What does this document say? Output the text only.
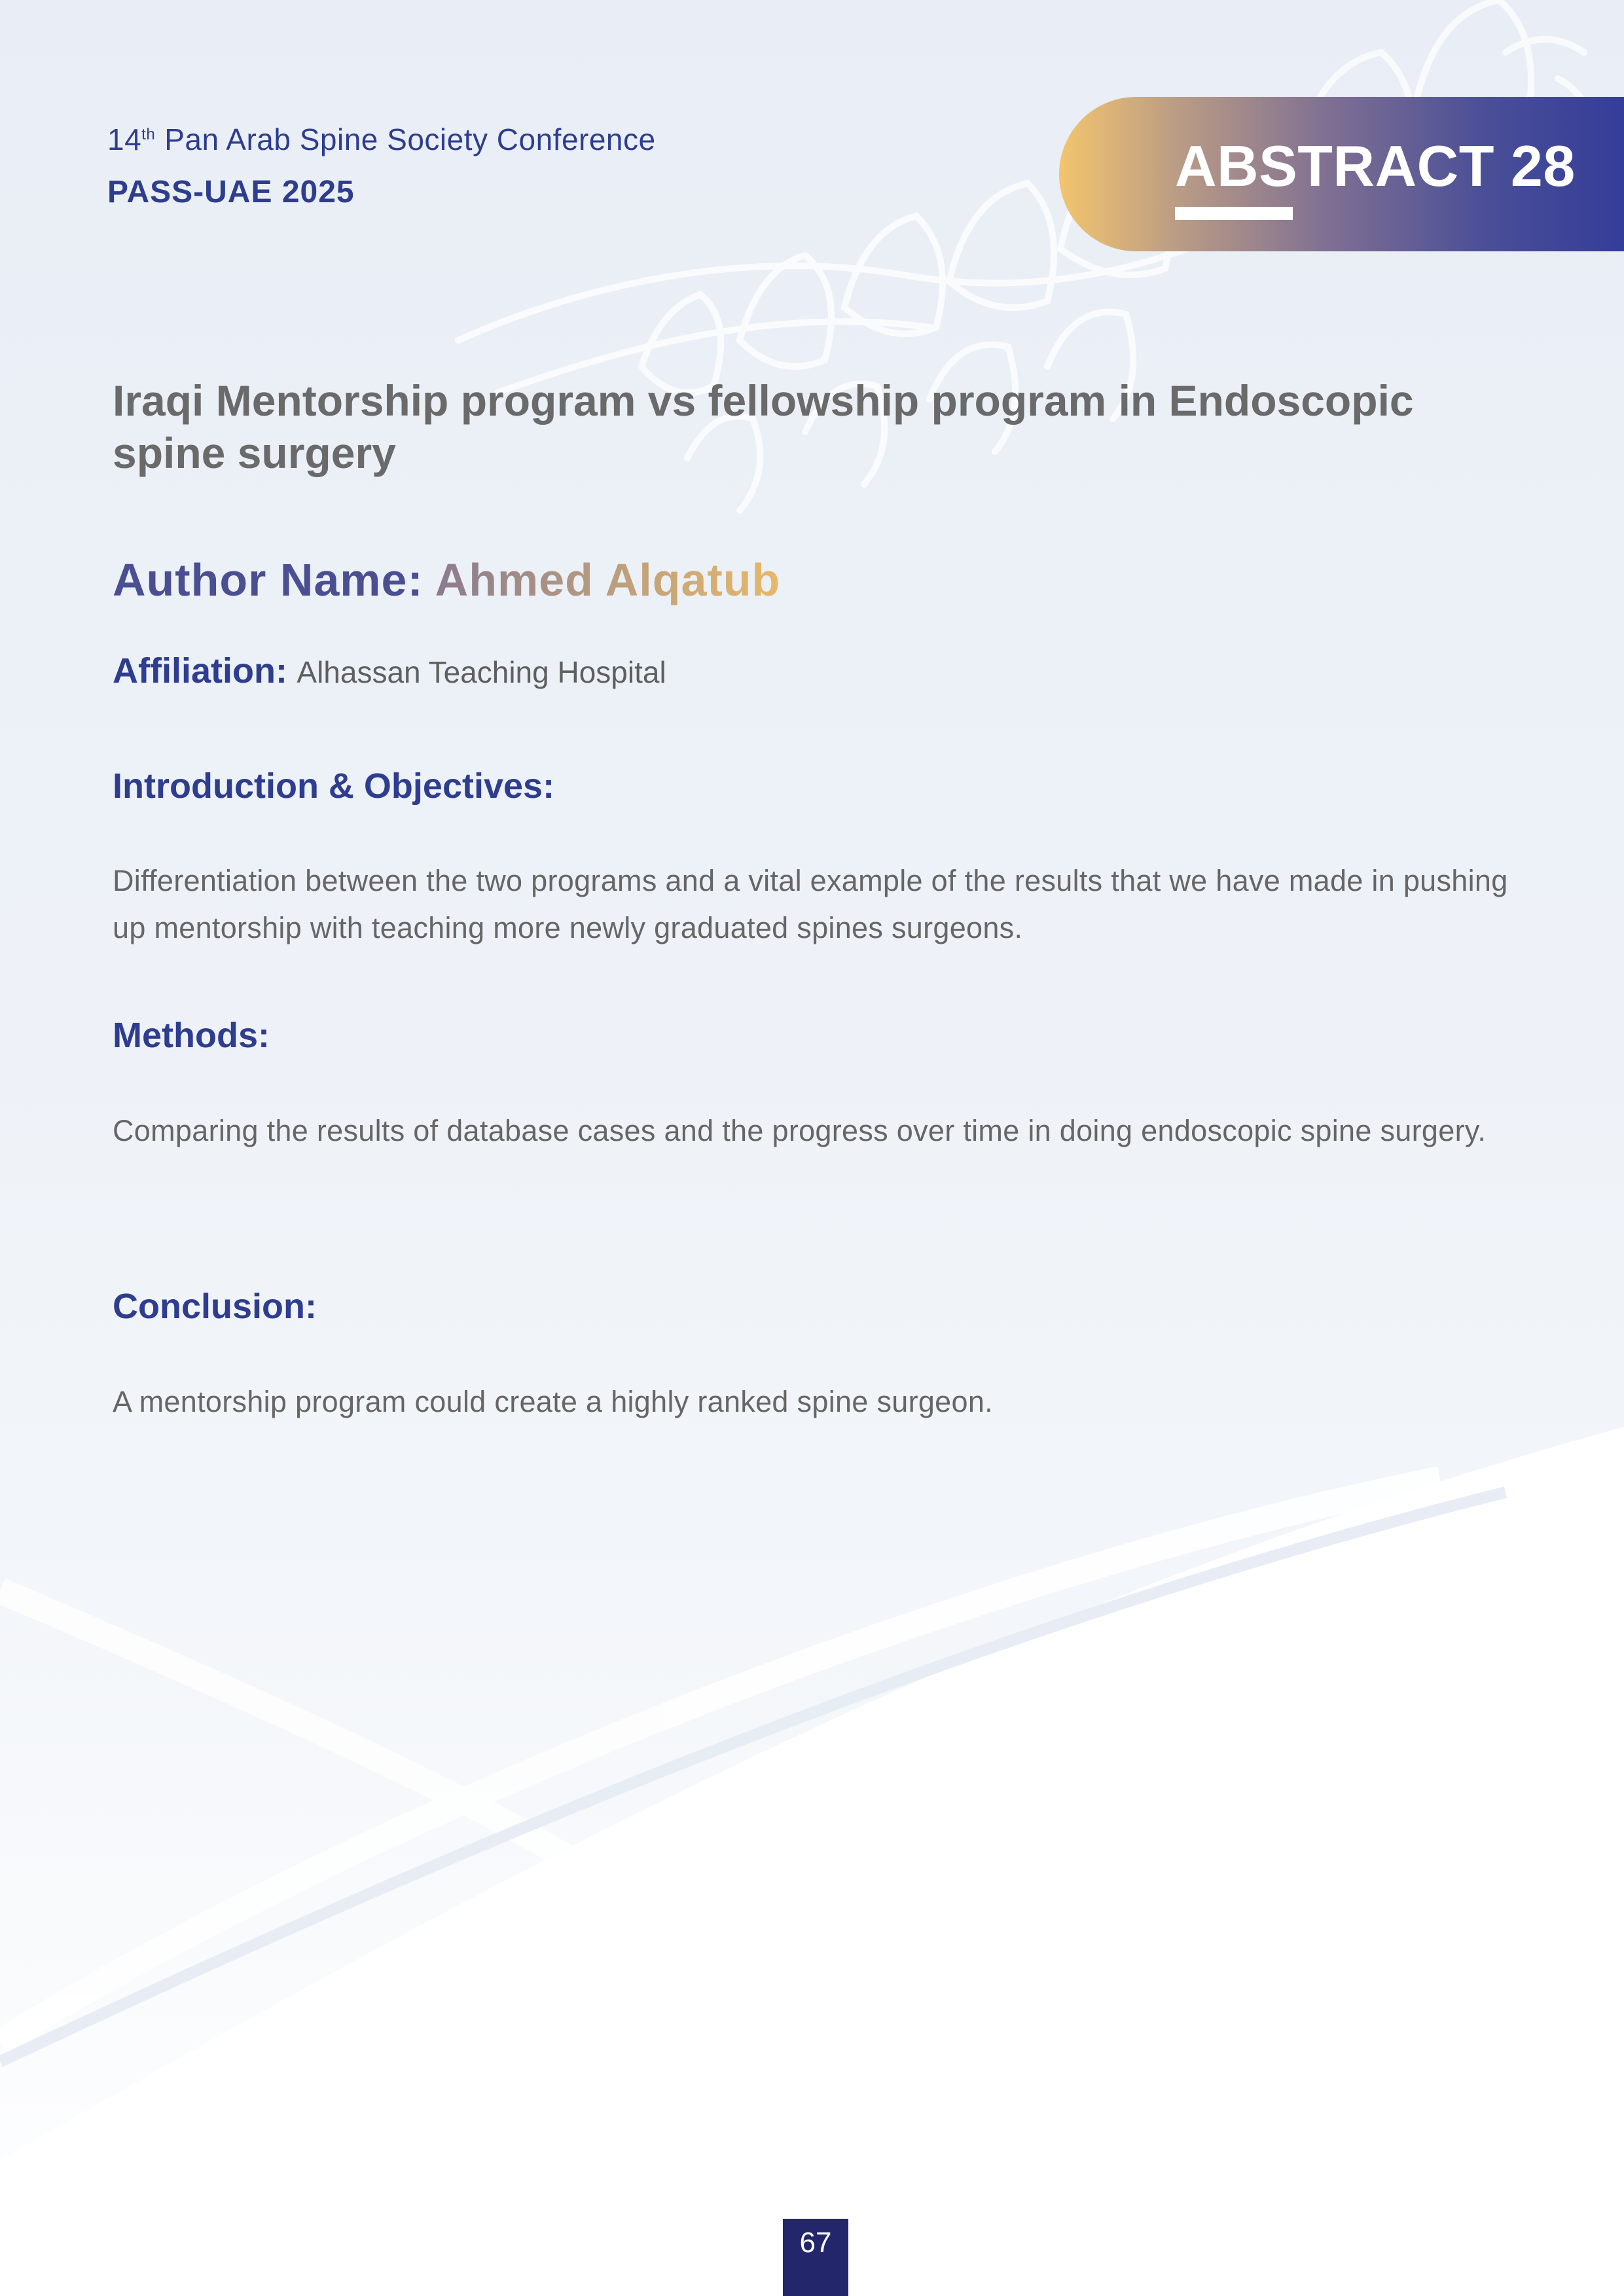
14th Pan Arab Spine Society Conference
PASS-UAE 2025	ABSTRACT 28
Iraqi Mentorship program vs fellowship program in Endoscopic spine surgery
Author Name: Ahmed Alqatub
Affiliation: Alhassan Teaching Hospital
Introduction & Objectives:

Differentiation between the two programs and a vital example of the results that we have made in pushing up mentorship with teaching more newly graduated spines surgeons.

Methods:

Comparing the results of database cases and the progress over time in doing endoscopic spine surgery.

Conclusion:

A mentorship program could create a highly ranked spine surgeon.

67
